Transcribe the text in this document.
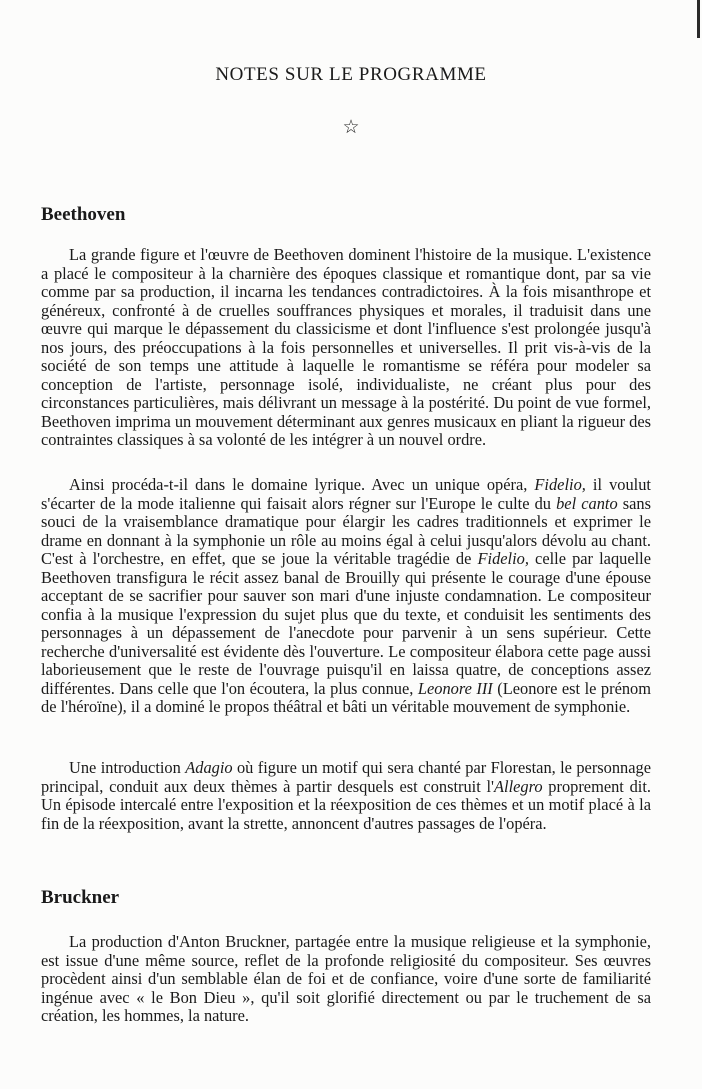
NOTES SUR LE PROGRAMME
☆
Beethoven

La grande figure et l'œuvre de Beethoven dominent l'histoire de la musique. L'existence a placé le compositeur à la charnière des époques classique et romantique dont, par sa vie comme par sa production, il incarna les tendances contradictoires. À la fois misanthrope et généreux, confronté à de cruelles souffrances physiques et morales, il traduisit dans une œuvre qui marque le dépassement du classicisme et dont l'influence s'est prolongée jusqu'à nos jours, des préoccupations à la fois personnelles et universelles. Il prit vis-à-vis de la société de son temps une attitude à laquelle le romantisme se référa pour modeler sa conception de l'artiste, personnage isolé, individualiste, ne créant plus pour des circonstances particulières, mais délivrant un message à la postérité. Du point de vue formel, Beethoven imprima un mouvement déterminant aux genres musicaux en pliant la rigueur des contraintes classiques à sa volonté de les intégrer à un nouvel ordre.

Ainsi procéda-t-il dans le domaine lyrique. Avec un unique opéra, Fidelio, il voulut s'écarter de la mode italienne qui faisait alors régner sur l'Europe le culte du bel canto sans souci de la vraisemblance dramatique pour élargir les cadres traditionnels et exprimer le drame en donnant à la symphonie un rôle au moins égal à celui jusqu'alors dévolu au chant. C'est à l'orchestre, en effet, que se joue la véritable tragédie de Fidelio, celle par laquelle Beethoven transfigura le récit assez banal de Brouilly qui présente le courage d'une épouse acceptant de se sacrifier pour sauver son mari d'une injuste condamnation. Le compositeur confia à la musique l'expression du sujet plus que du texte, et conduisit les sentiments des personnages à un dépassement de l'anecdote pour parvenir à un sens supérieur. Cette recherche d'universalité est évidente dès l'ouverture. Le compositeur élabora cette page aussi laborieusement que le reste de l'ouvrage puisqu'il en laissa quatre, de conceptions assez différentes. Dans celle que l'on écoutera, la plus connue, Leonore III (Leonore est le prénom de l'héroïne), il a dominé le propos théâtral et bâti un véritable mouvement de symphonie.

Une introduction Adagio où figure un motif qui sera chanté par Florestan, le personnage principal, conduit aux deux thèmes à partir desquels est construit l'Allegro proprement dit. Un épisode intercalé entre l'exposition et la réexposition de ces thèmes et un motif placé à la fin de la réexposition, avant la strette, annoncent d'autres passages de l'opéra.

Bruckner

La production d'Anton Bruckner, partagée entre la musique religieuse et la symphonie, est issue d'une même source, reflet de la profonde religiosité du compositeur. Ses œuvres procèdent ainsi d'un semblable élan de foi et de confiance, voire d'une sorte de familiarité ingénue avec « le Bon Dieu », qu'il soit glorifié directement ou par le truchement de sa création, les hommes, la nature.
